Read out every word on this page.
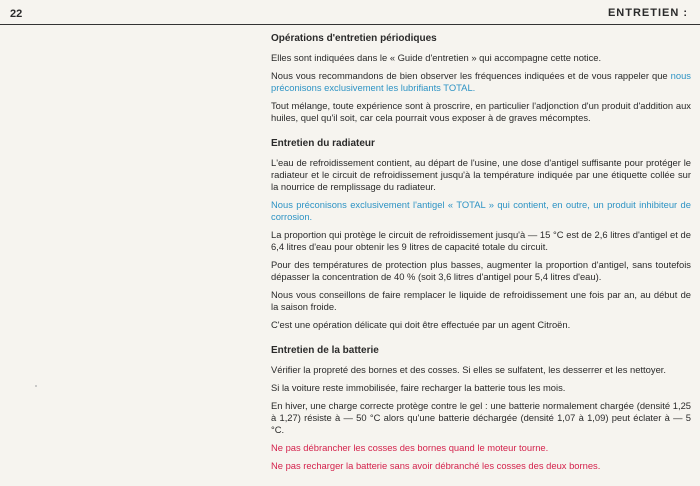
22	ENTRETIEN :
Opérations d'entretien périodiques

Elles sont indiquées dans le « Guide d'entretien » qui accompagne cette notice.

Nous vous recommandons de bien observer les fréquences indiquées et de vous rappeler que nous préconisons exclusivement les lubrifiants TOTAL.

Tout mélange, toute expérience sont à proscrire, en particulier l'adjonction d'un produit d'addition aux huiles, quel qu'il soit, car cela pourrait vous exposer à de graves mécomptes.

Entretien du radiateur

L'eau de refroidissement contient, au départ de l'usine, une dose d'antigel suffisante pour protéger le radiateur et le circuit de refroidissement jusqu'à la température indiquée par une étiquette collée sur la nourrice de remplissage du radiateur.

Nous préconisons exclusivement l'antigel « TOTAL » qui contient, en outre, un produit inhibiteur de corrosion.

La proportion qui protège le circuit de refroidissement jusqu'à — 15 °C est de 2,6 litres d'antigel et de 6,4 litres d'eau pour obtenir les 9 litres de capacité totale du circuit.

Pour des températures de protection plus basses, augmenter la proportion d'antigel, sans toutefois dépasser la concentration de 40 % (soit 3,6 litres d'antigel pour 5,4 litres d'eau).

Nous vous conseillons de faire remplacer le liquide de refroidissement une fois par an, au début de la saison froide.

C'est une opération délicate qui doit être effectuée par un agent Citroën.

Entretien de la batterie

Vérifier la propreté des bornes et des cosses. Si elles se sulfatent, les desserrer et les nettoyer.

Si la voiture reste immobilisée, faire recharger la batterie tous les mois.

En hiver, une charge correcte protège contre le gel : une batterie normalement chargée (densité 1,25 à 1,27) résiste à — 50 °C alors qu'une batterie déchargée (densité 1,07 à 1,09) peut éclater à — 5 °C.

Ne pas débrancher les cosses des bornes quand le moteur tourne.

Ne pas recharger la batterie sans avoir débranché les cosses des deux bornes.
